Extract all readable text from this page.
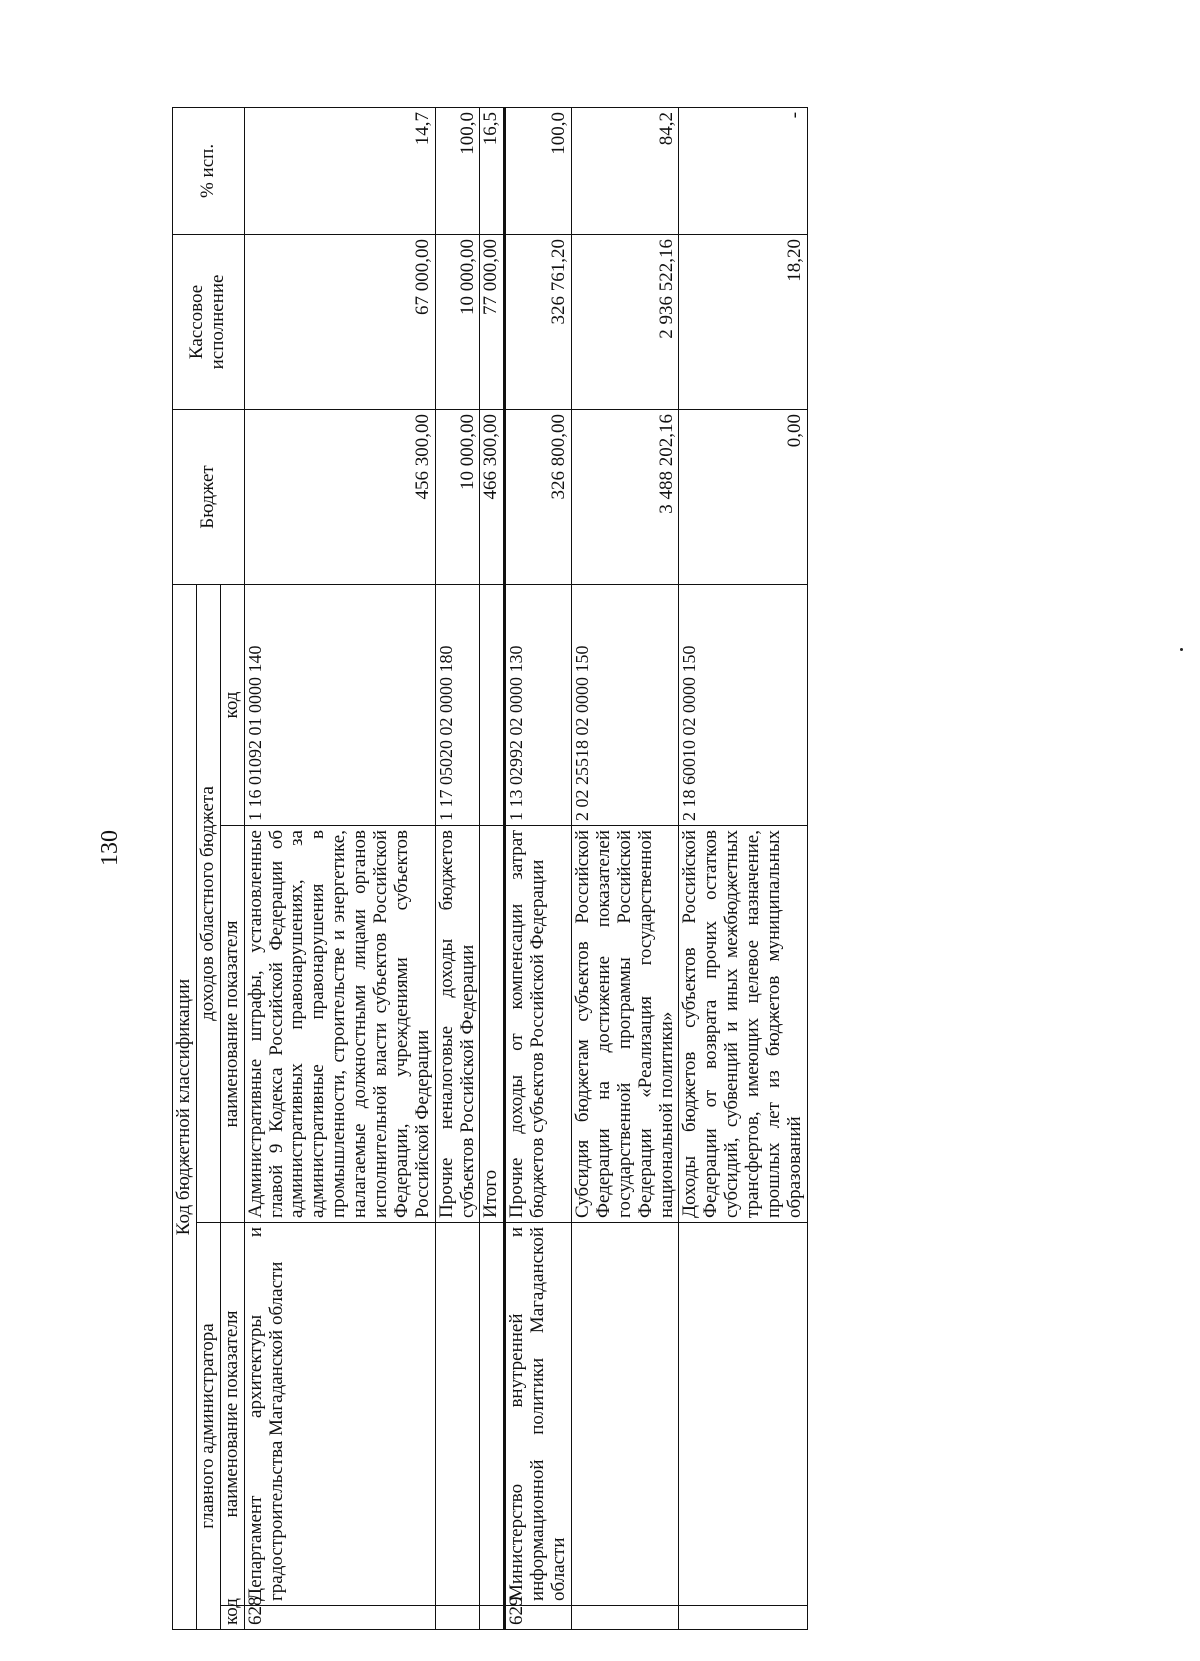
130
Код бюджетной классификации				Бюджет	Кассовое исполнение	% исп.
главного администратора		доходов областного бюджета				
код	наименование показателя	наименование показателя	код			
628	Департамент архитектуры и градостроительства Магаданской области	Административные штрафы, установленные главой 9 Кодекса Российской Федерации об административных правонарушениях, за административные правонарушения в промышленности, строительстве и энергетике, налагаемые должностными лицами органов исполнительной власти субъектов Российской Федерации, учреждениями субъектов Российской Федерации	1 16 01092 01 0000 140	456 300,00	67 000,00	14,7
		Прочие неналоговые доходы бюджетов субъектов Российской Федерации	1 17 05020 02 0000 180	10 000,00	10 000,00	100,0
		Итого		466 300,00	77 000,00	16,5
629	Министерство внутренней и информационной политики Магаданской области	Прочие доходы от компенсации затрат бюджетов субъектов Российской Федерации	1 13 02992 02 0000 130	326 800,00	326 761,20	100,0
		Субсидия бюджетам субъектов Российской Федерации на достижение показателей государственной программы Российской Федерации «Реализация государственной национальной политики»	2 02 25518 02 0000 150	3 488 202,16	2 936 522,16	84,2
		Доходы бюджетов субъектов Российской Федерации от возврата прочих остатков субсидий, субвенций и иных межбюджетных трансфертов, имеющих целевое назначение, прошлых лет из бюджетов муниципальных образований	2 18 60010 02 0000 150	0,00	18,20	-
